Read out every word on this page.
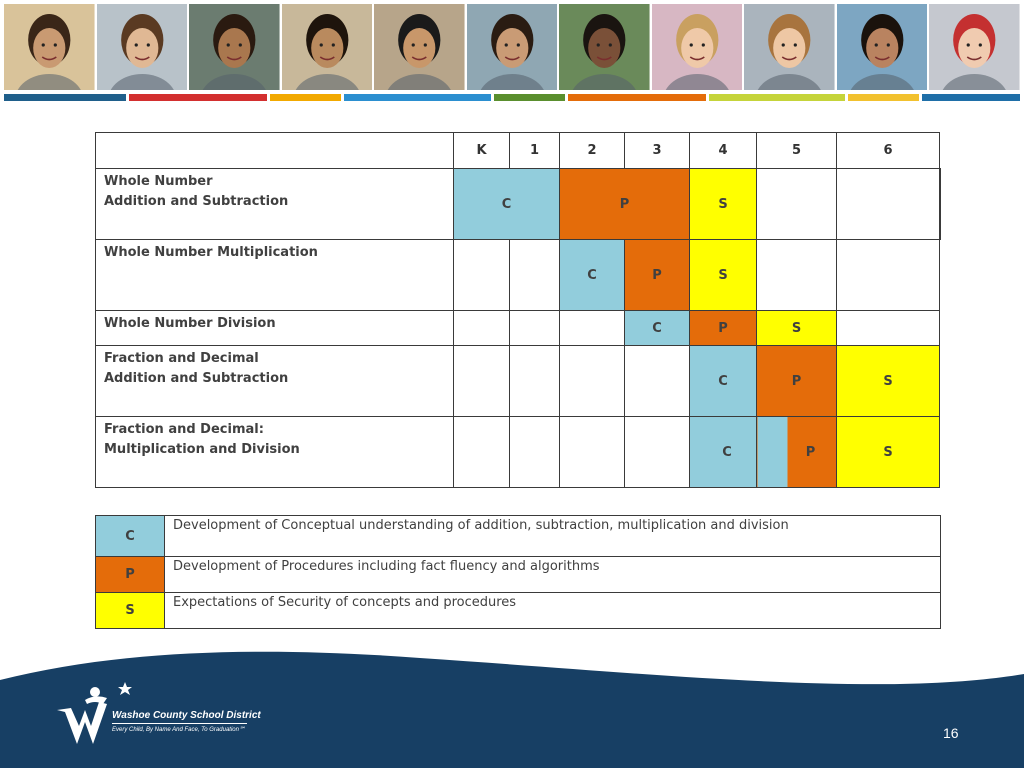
	K	1	2	3	4	5	6	

Whole Number
Addition and Subtraction	C		P		S			

Whole Number Multiplication			C	P	S			

Whole Number Division				C	P	S		

Fraction and Decimal
Addition and Subtraction					C	P	S	

Fraction and Decimal:
Multiplication and Division					C	P	S	
C	Development of Conceptual understanding of addition, subtraction, multiplication and division
P	Development of Procedures including fact fluency and algorithms
S	Expectations of Security of concepts and procedures
Washoe County School District
Every Child, By Name And Face, To Graduation℠	16
